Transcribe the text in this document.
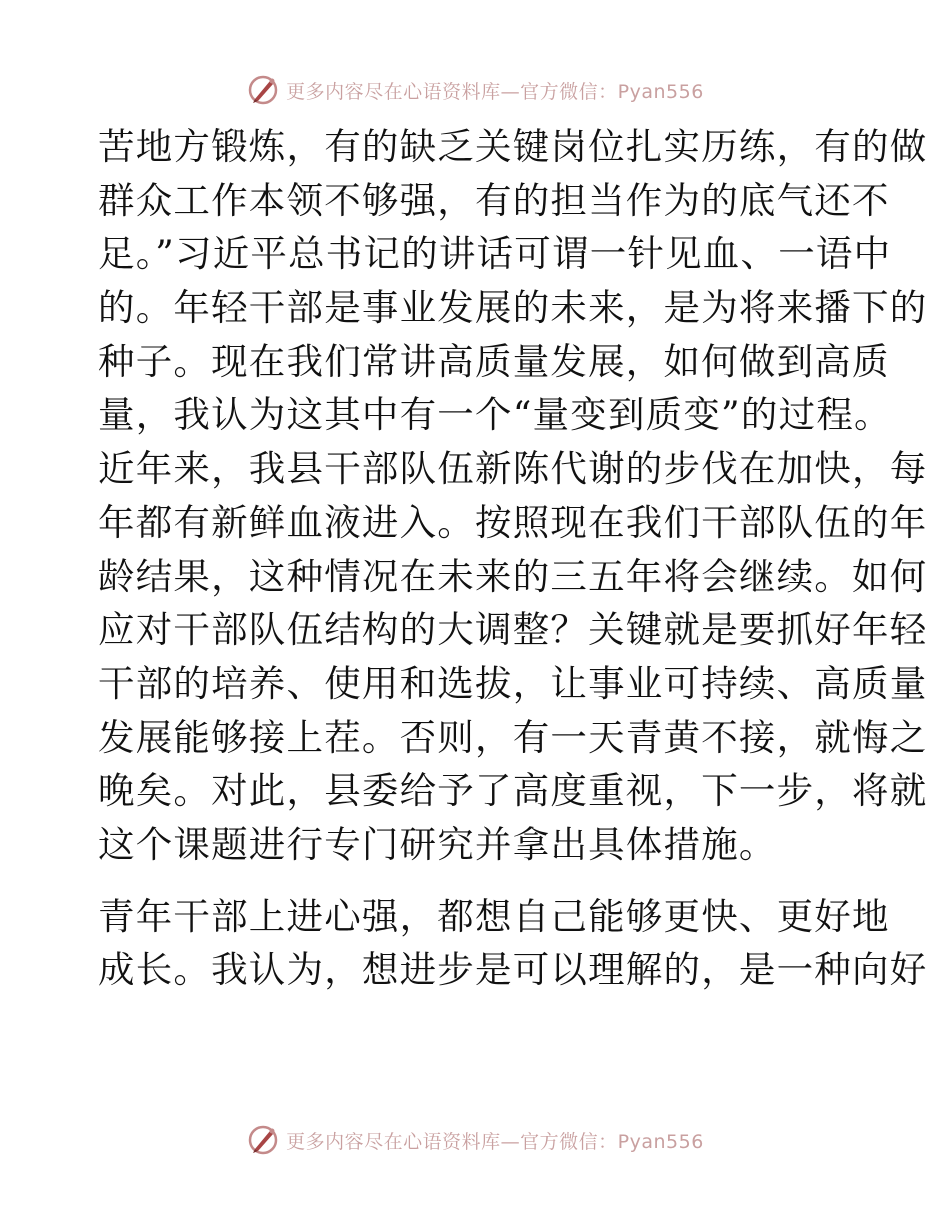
更多内容尽在心语资料库—官方微信：Pyan556
苦地方锻炼，有的缺乏关键岗位扎实历练，有的做
群众工作本领不够强，有的担当作为的底气还不
足。”习近平总书记的讲话可谓一针见血、一语中
的。年轻干部是事业发展的未来，是为将来播下的
种子。现在我们常讲高质量发展，如何做到高质
量，我认为这其中有一个“量变到质变”的过程。
近年来，我县干部队伍新陈代谢的步伐在加快，每
年都有新鲜血液进入。按照现在我们干部队伍的年
龄结果，这种情况在未来的三五年将会继续。如何
应对干部队伍结构的大调整？关键就是要抓好年轻
干部的培养、使用和选拔，让事业可持续、高质量
发展能够接上茬。否则，有一天青黄不接，就悔之
晚矣。对此，县委给予了高度重视，下一步，将就
这个课题进行专门研究并拿出具体措施。
青年干部上进心强，都想自己能够更快、更好地
成长。我认为，想进步是可以理解的，是一种向好
更多内容尽在心语资料库—官方微信：Pyan556
